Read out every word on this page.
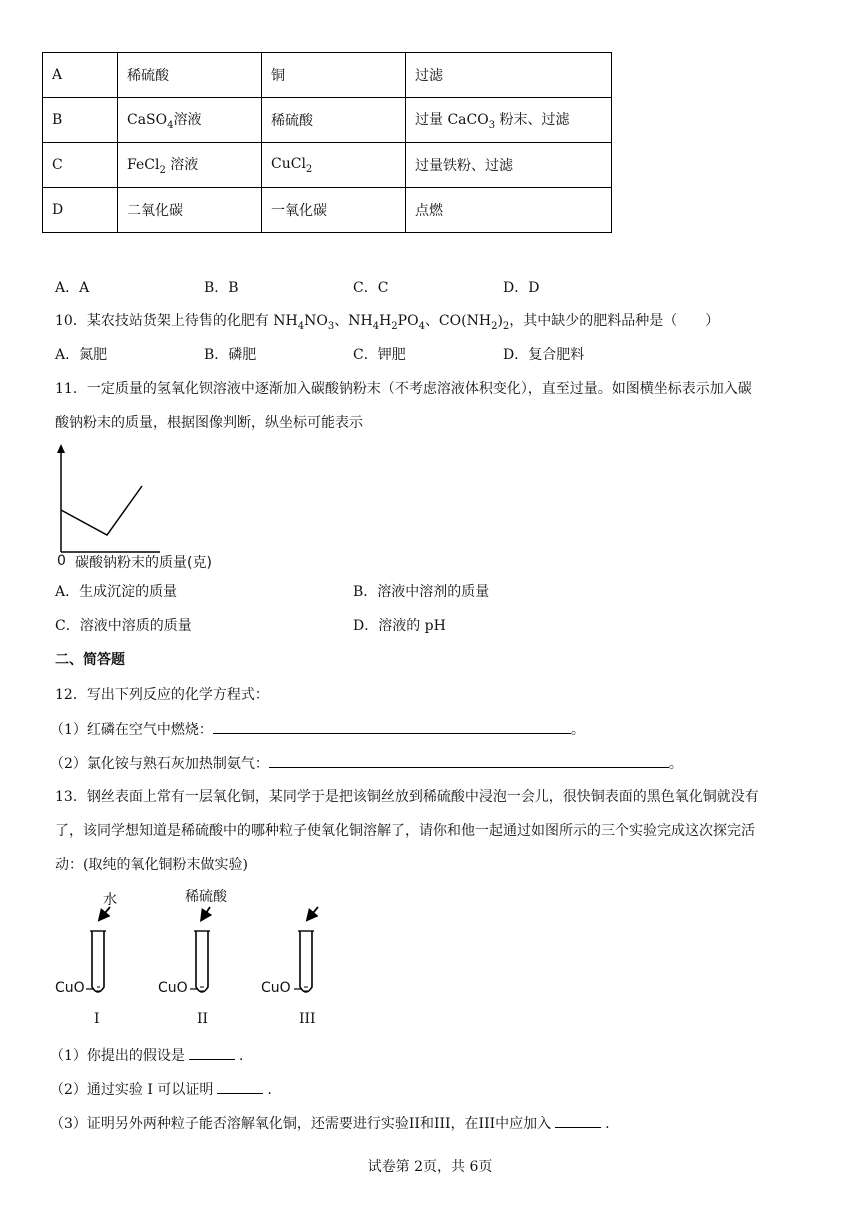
A	稀硫酸	铜	过滤
B	CaSO$_4$溶液	稀硫酸	过量 CaCO$_3$ 粉末、过滤
C	FeCl$_2$ 溶液	CuCl$_2$	过量铁粉、过滤
D	二氧化碳	一氧化碳	点燃
A．A	B．B	C．C	D．D
10．某农技站货架上待售的化肥有 $NH_4NO_3$、$NH_4H_2PO_4$、$CO(NH_2)_2$，其中缺少的肥料品种是（　　）
A．氮肥	B．磷肥	C．钾肥	D．复合肥料
11．一定质量的氢氧化钡溶液中逐渐加入碳酸钠粉末（不考虑溶液体积变化），直至过量。如图横坐标表示加入碳
酸钠粉末的质量，根据图像判断，纵坐标可能表示
0 碳酸钠粉末的质量(克)
A．生成沉淀的质量	B．溶液中溶剂的质量
C．溶液中溶质的质量	D．溶液的 pH
二、简答题
12．写出下列反应的化学方程式：
（1）红磷在空气中燃烧：	。
（2）氯化铵与熟石灰加热制氨气：	。
13．钢丝表面上常有一层氧化铜，某同学于是把该铜丝放到稀硫酸中浸泡一会儿，很快铜表面的黑色氧化铜就没有
了，该同学想知道是稀硫酸中的哪种粒子使氧化铜溶解了，请你和他一起通过如图所示的三个实验完成这次探完活
动：(取纯的氧化铜粉末做实验)
水	稀硫酸
CuO	CuO	CuO
I	II	III
（1）你提出的假设是	.
（2）通过实验 I 可以证明	.
（3）证明另外两种粒子能否溶解氧化铜，还需要进行实验II和III，在III中应加入	.
试卷第 2页，共 6页
